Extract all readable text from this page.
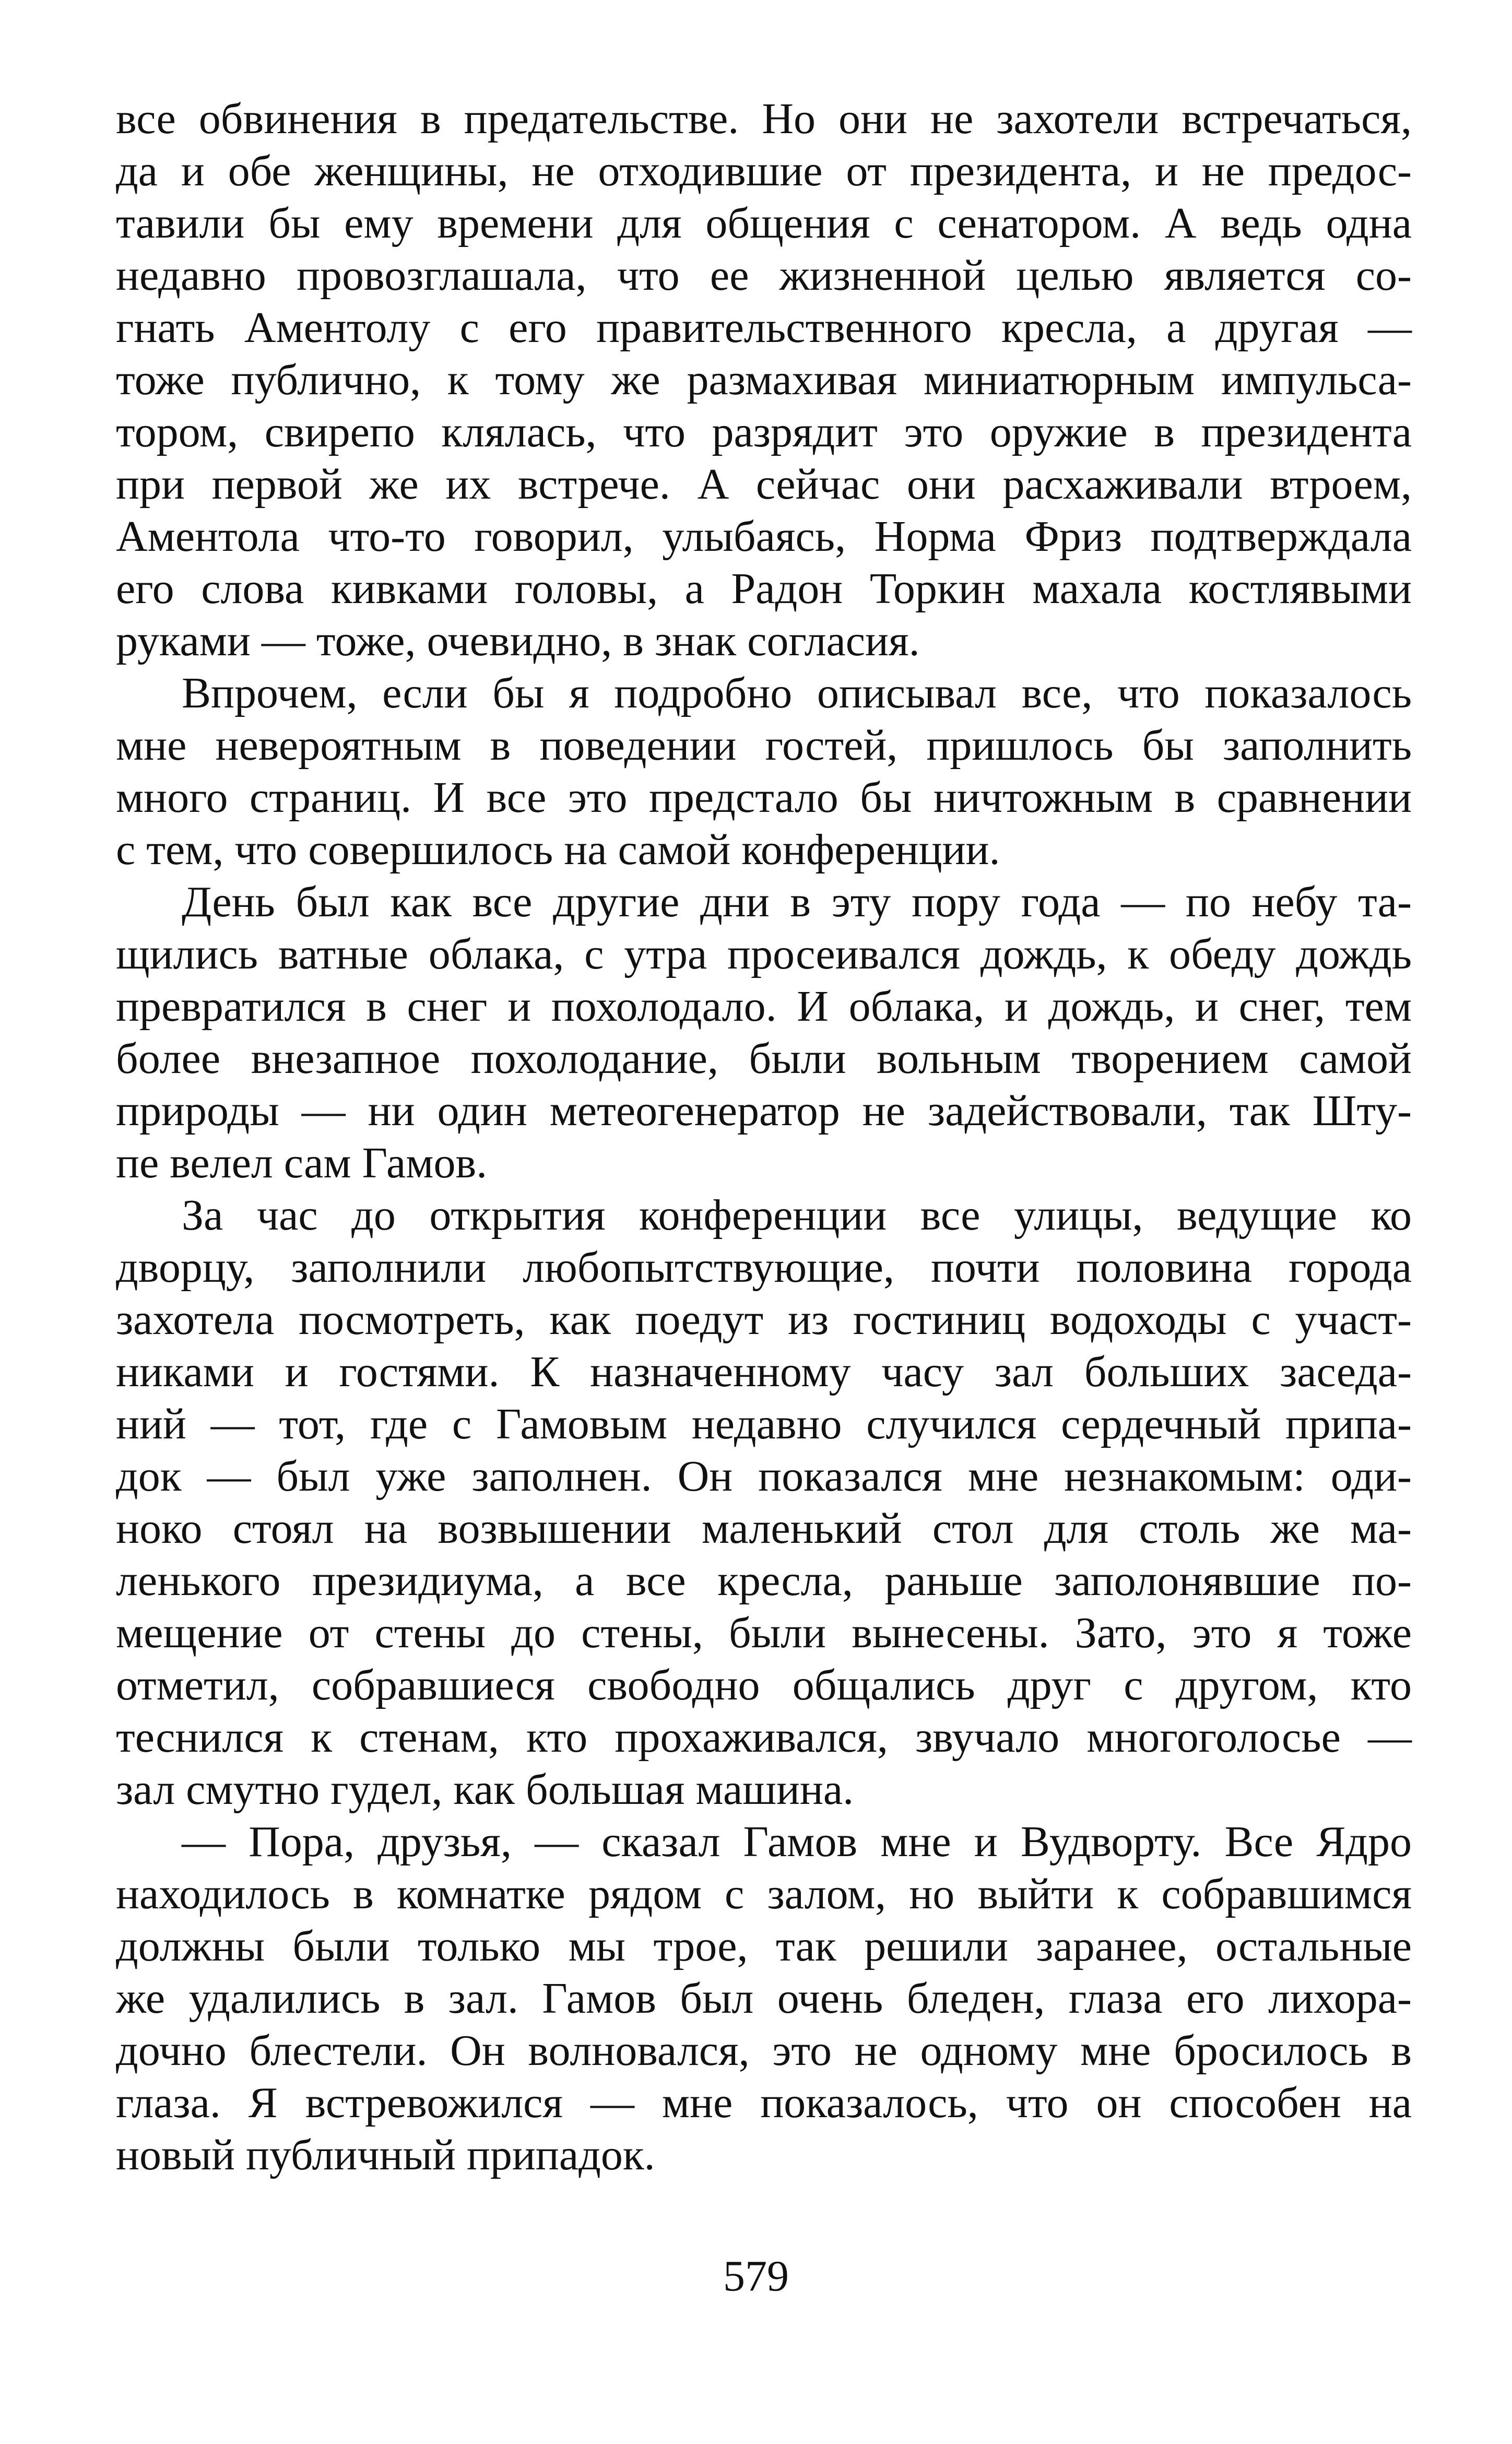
все обвинения в предательстве. Но они не захотели встречаться,
да и обе женщины, не отходившие от президента, и не предос-
тавили бы ему времени для общения с сенатором. А ведь одна
недавно провозглашала, что ее жизненной целью является со-
гнать Аментолу с его правительственного кресла, а другая —
тоже публично, к тому же размахивая миниатюрным импульса-
тором, свирепо клялась, что разрядит это оружие в президента
при первой же их встрече. А сейчас они расхаживали втроем,
Аментола что-то говорил, улыбаясь, Норма Фриз подтверждала
его слова кивками головы, а Радон Торкин махала костлявыми
руками — тоже, очевидно, в знак согласия.
Впрочем, если бы я подробно описывал все, что показалось
мне невероятным в поведении гостей, пришлось бы заполнить
много страниц. И все это предстало бы ничтожным в сравнении
с тем, что совершилось на самой конференции.
День был как все другие дни в эту пору года — по небу та-
щились ватные облака, с утра просеивался дождь, к обеду дождь
превратился в снег и похолодало. И облака, и дождь, и снег, тем
более внезапное похолодание, были вольным творением самой
природы — ни один метеогенератор не задействовали, так Шту-
пе велел сам Гамов.
За час до открытия конференции все улицы, ведущие ко
дворцу, заполнили любопытствующие, почти половина города
захотела посмотреть, как поедут из гостиниц водоходы с участ-
никами и гостями. К назначенному часу зал больших заседа-
ний — тот, где с Гамовым недавно случился сердечный припа-
док — был уже заполнен. Он показался мне незнакомым: оди-
ноко стоял на возвышении маленький стол для столь же ма-
ленького президиума, а все кресла, раньше заполонявшие по-
мещение от стены до стены, были вынесены. Зато, это я тоже
отметил, собравшиеся свободно общались друг с другом, кто
теснился к стенам, кто прохаживался, звучало многоголосье —
зал смутно гудел, как большая машина.
— Пора, друзья, — сказал Гамов мне и Вудворту. Все Ядро
находилось в комнатке рядом с залом, но выйти к собравшимся
должны были только мы трое, так решили заранее, остальные
же удалились в зал. Гамов был очень бледен, глаза его лихора-
дочно блестели. Он волновался, это не одному мне бросилось в
глаза. Я встревожился — мне показалось, что он способен на
новый публичный припадок.
579
